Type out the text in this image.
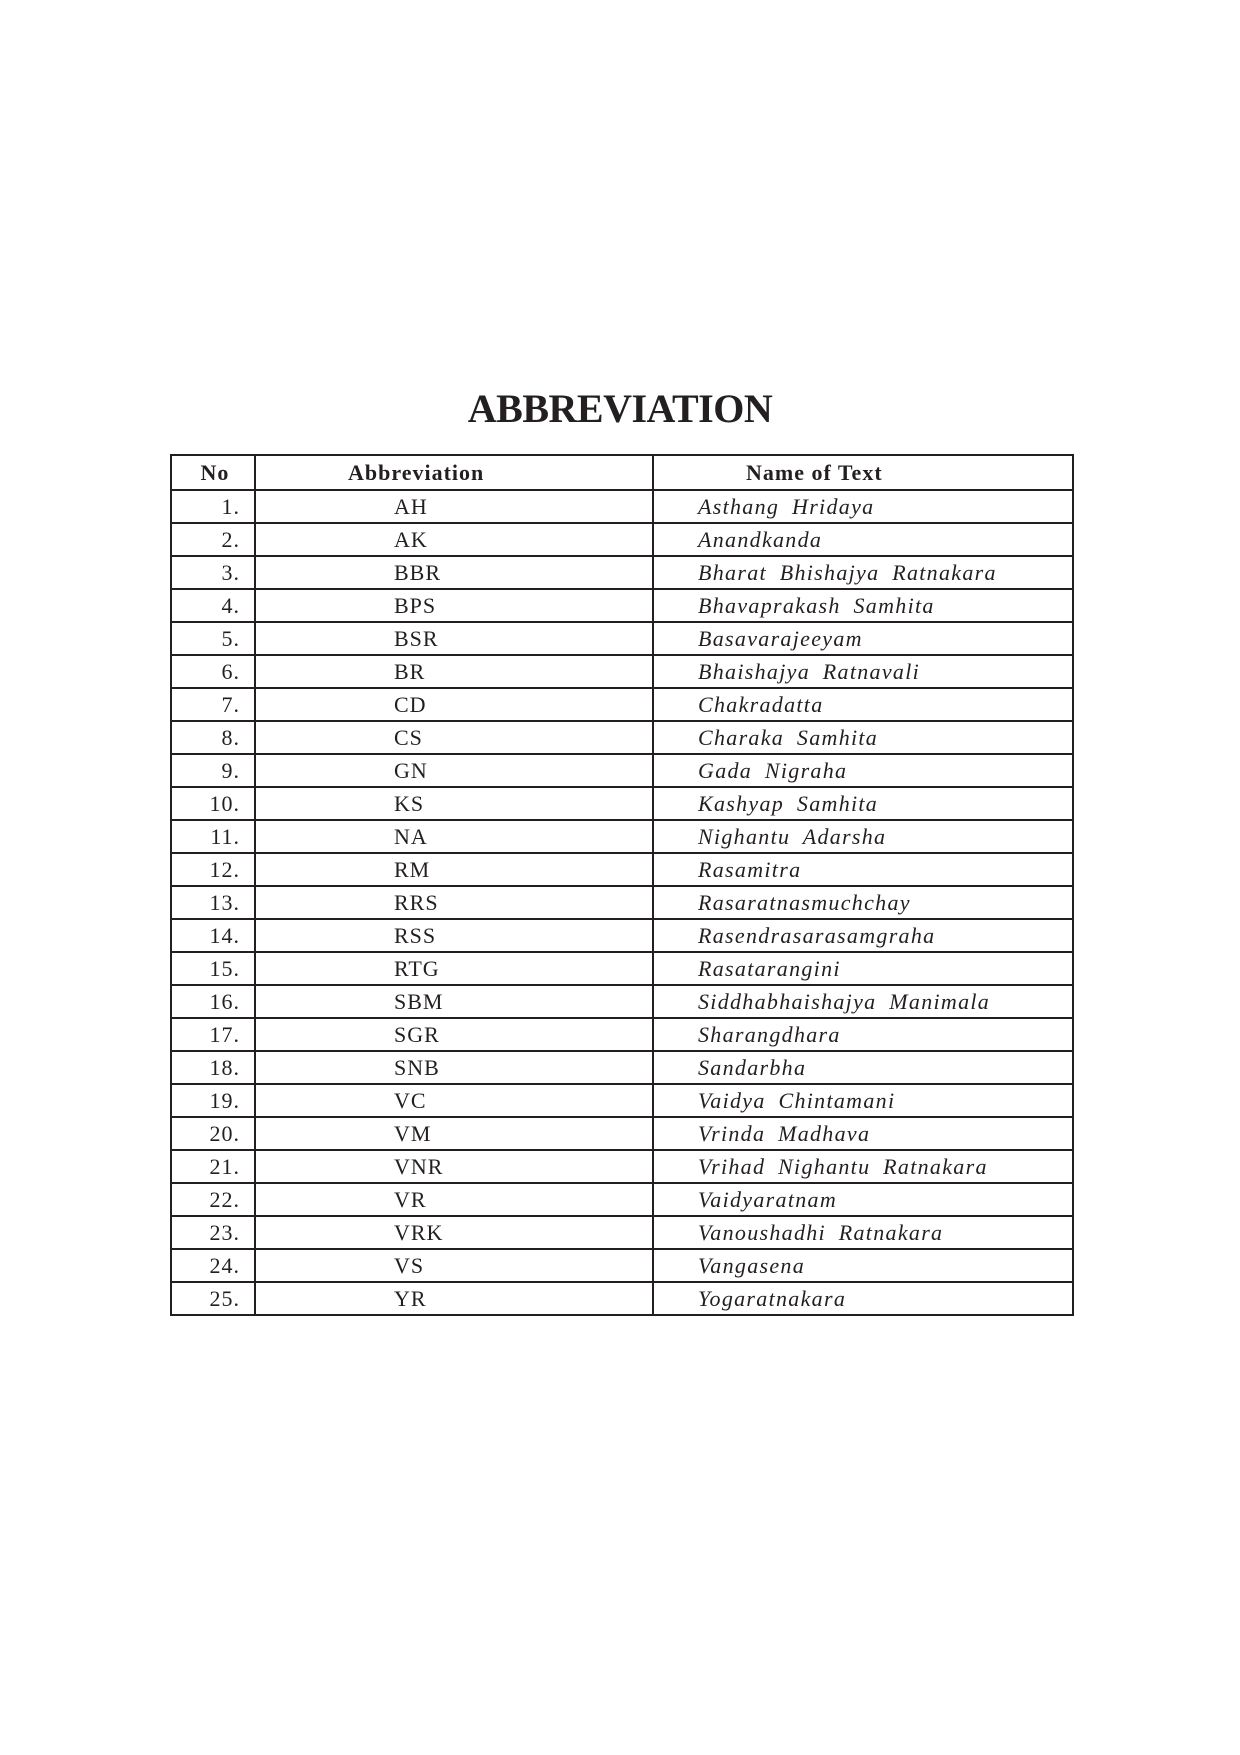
ABBREVIATION
No	Abbreviation	Name of Text
1.	AH	Asthang Hridaya
2.	AK	Anandkanda
3.	BBR	Bharat Bhishajya Ratnakara
4.	BPS	Bhavaprakash Samhita
5.	BSR	Basavarajeeyam
6.	BR	Bhaishajya Ratnavali
7.	CD	Chakradatta
8.	CS	Charaka Samhita
9.	GN	Gada Nigraha
10.	KS	Kashyap Samhita
11.	NA	Nighantu Adarsha
12.	RM	Rasamitra
13.	RRS	Rasaratnasmuchchay
14.	RSS	Rasendrasarasamgraha
15.	RTG	Rasatarangini
16.	SBM	Siddhabhaishajya Manimala
17.	SGR	Sharangdhara
18.	SNB	Sandarbha
19.	VC	Vaidya Chintamani
20.	VM	Vrinda Madhava
21.	VNR	Vrihad Nighantu Ratnakara
22.	VR	Vaidyaratnam
23.	VRK	Vanoushadhi Ratnakara
24.	VS	Vangasena
25.	YR	Yogaratnakara
